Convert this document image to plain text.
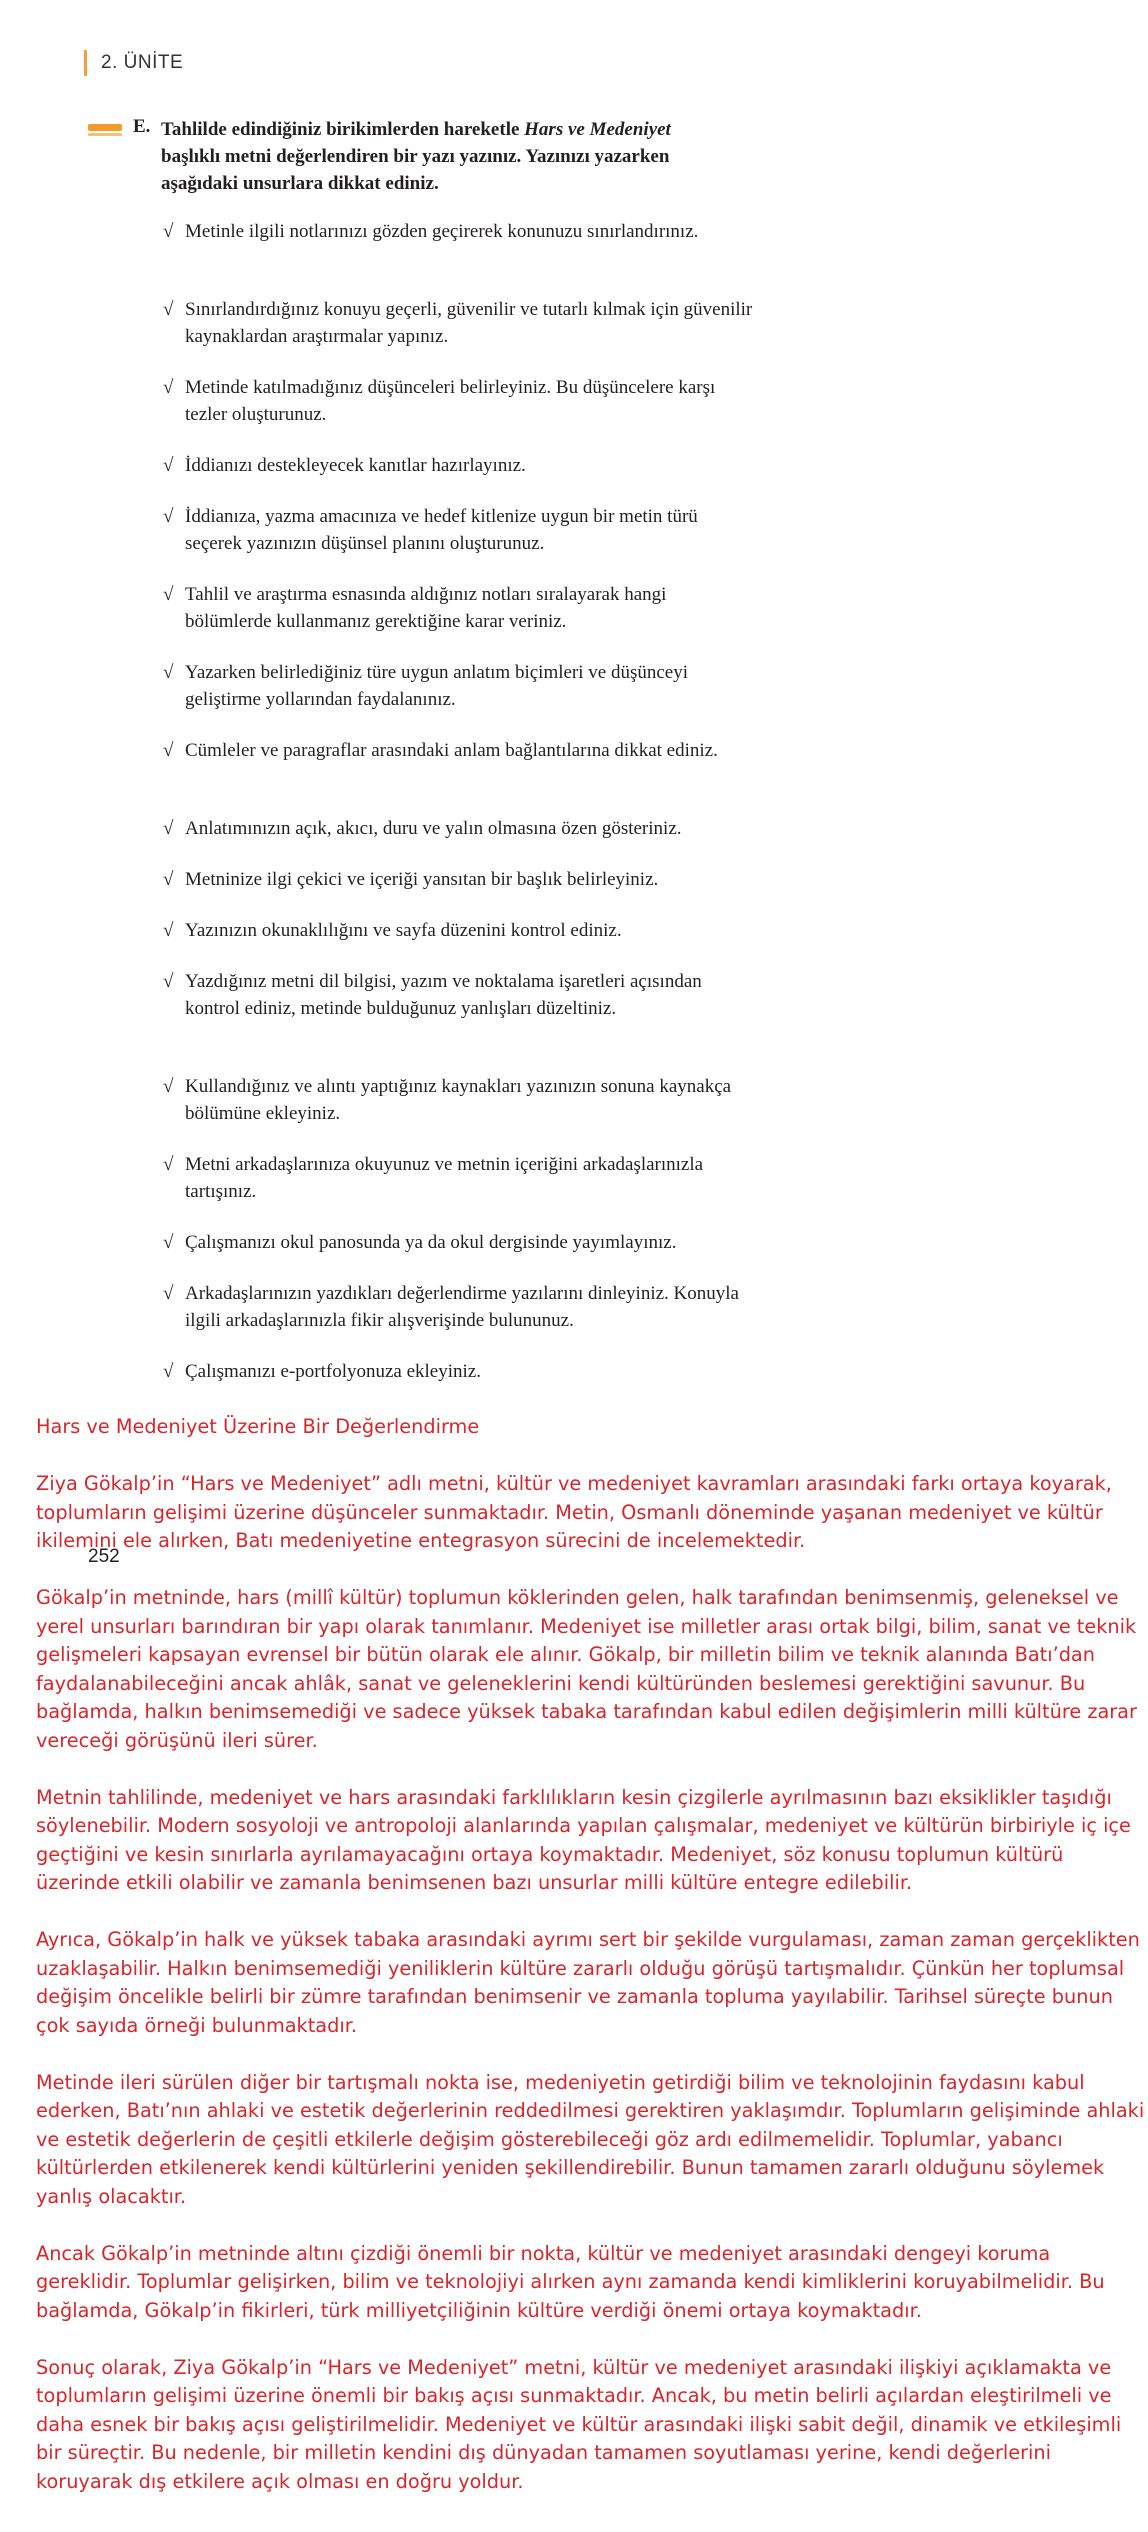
2. ÜNİTE
E. Tahlilde edindiğiniz birikimlerden hareketle Hars ve Medeniyet başlıklı metni değerlendiren bir yazı yazınız. Yazınızı yazarken aşağıdaki unsurlara dikkat ediniz.
√ Metinle ilgili notlarınızı gözden geçirerek konunuzu sınırlandırınız.
√ Sınırlandırdığınız konuyu geçerli, güvenilir ve tutarlı kılmak için güvenilir kaynaklardan araştırmalar yapınız.
√ Metinde katılmadığınız düşünceleri belirleyiniz. Bu düşüncelere karşı tezler oluşturunuz.
√ İddianızı destekleyecek kanıtlar hazırlayınız.
√ İddianıza, yazma amacınıza ve hedef kitlenize uygun bir metin türü seçerek yazınızın düşünsel planını oluşturunuz.
√ Tahlil ve araştırma esnasında aldığınız notları sıralayarak hangi bölümlerde kullanmanız gerektiğine karar veriniz.
√ Yazarken belirlediğiniz türe uygun anlatım biçimleri ve düşünceyi geliştirme yollarından faydalanınız.
√ Cümleler ve paragraflar arasındaki anlam bağlantılarına dikkat ediniz.
√ Anlatımınızın açık, akıcı, duru ve yalın olmasına özen gösteriniz.
√ Metninize ilgi çekici ve içeriği yansıtan bir başlık belirleyiniz.
√ Yazınızın okunaklılığını ve sayfa düzenini kontrol ediniz.
√ Yazdığınız metni dil bilgisi, yazım ve noktalama işaretleri açısından kontrol ediniz, metinde bulduğunuz yanlışları düzeltiniz.
√ Kullandığınız ve alıntı yaptığınız kaynakları yazınızın sonuna kaynakça bölümüne ekleyiniz.
√ Metni arkadaşlarınıza okuyunuz ve metnin içeriğini arkadaşlarınızla tartışınız.
√ Çalışmanızı okul panosunda ya da okul dergisinde yayımlayınız.
√ Arkadaşlarınızın yazdıkları değerlendirme yazılarını dinleyiniz. Konuyla ilgili arkadaşlarınızla fikir alışverişinde bulununuz.
√ Çalışmanızı e-portfolyonuza ekleyiniz.
Hars ve Medeniyet Üzerine Bir Değerlendirme

Ziya Gökalp’in “Hars ve Medeniyet” adlı metni, kültür ve medeniyet kavramları arasındaki farkı ortaya koyarak, toplumların gelişimi üzerine düşünceler sunmaktadır. Metin, Osmanlı döneminde yaşanan medeniyet ve kültür ikilemini ele alırken, Batı medeniyetine entegrasyon sürecini de incelemektedir.

Gökalp’in metninde, hars (millî kültür) toplumun köklerinden gelen, halk tarafından benimsenmiş, geleneksel ve yerel unsurları barındıran bir yapı olarak tanımlanır. Medeniyet ise milletler arası ortak bilgi, bilim, sanat ve teknik gelişmeleri kapsayan evrensel bir bütün olarak ele alınır. Gökalp, bir milletin bilim ve teknik alanında Batı’dan faydalanabileceğini ancak ahlâk, sanat ve geleneklerini kendi kültüründen beslemesi gerektiğini savunur. Bu bağlamda, halkın benimsemediği ve sadece yüksek tabaka tarafından kabul edilen değişimlerin milli kültüre zarar vereceği görüşünü ileri sürer.

Metnin tahlilinde, medeniyet ve hars arasındaki farklılıkların kesin çizgilerle ayrılmasının bazı eksiklikler taşıdığı söylenebilir. Modern sosyoloji ve antropoloji alanlarında yapılan çalışmalar, medeniyet ve kültürün birbiriyle iç içe geçtiğini ve kesin sınırlarla ayrılamayacağını ortaya koymaktadır. Medeniyet, söz konusu toplumun kültürü üzerinde etkili olabilir ve zamanla benimsenen bazı unsurlar milli kültüre entegre edilebilir.

Ayrıca, Gökalp’in halk ve yüksek tabaka arasındaki ayrımı sert bir şekilde vurgulaması, zaman zaman gerçeklikten uzaklaşabilir. Halkın benimsemediği yeniliklerin kültüre zararlı olduğu görüşü tartışmalıdır. Çünkün her toplumsal değişim öncelikle belirli bir zümre tarafından benimsenir ve zamanla topluma yayılabilir. Tarihsel süreçte bunun çok sayıda örneği bulunmaktadır.

Metinde ileri sürülen diğer bir tartışmalı nokta ise, medeniyetin getirdiği bilim ve teknolojinin faydasını kabul ederken, Batı’nın ahlaki ve estetik değerlerinin reddedilmesi gerektiren yaklaşımdır. Toplumların gelişiminde ahlaki ve estetik değerlerin de çeşitli etkilerle değişim gösterebileceği göz ardı edilmemelidir. Toplumlar, yabancı kültürlerden etkilenerek kendi kültürlerini yeniden şekillendirebilir. Bunun tamamen zararlı olduğunu söylemek yanlış olacaktır.

Ancak Gökalp’in metninde altını çizdiği önemli bir nokta, kültür ve medeniyet arasındaki dengeyi koruma gereklidir. Toplumlar gelişirken, bilim ve teknolojiyi alırken aynı zamanda kendi kimliklerini koruyabilmelidir. Bu bağlamda, Gökalp’in fikirleri, türk milliyetçiliğinin kültüre verdiği önemi ortaya koymaktadır.

Sonuç olarak, Ziya Gökalp’in “Hars ve Medeniyet” metni, kültür ve medeniyet arasındaki ilişkiyi açıklamakta ve toplumların gelişimi üzerine önemli bir bakış açısı sunmaktadır. Ancak, bu metin belirli açılardan eleştirilmeli ve daha esnek bir bakış açısı geliştirilmelidir. Medeniyet ve kültür arasındaki ilişki sabit değil, dinamik ve etkileşimli bir süreçtir. Bu nedenle, bir milletin kendini dış dünyadan tamamen soyutlaması yerine, kendi değerlerini koruyarak dış etkilere açık olması en doğru yoldur.

252
